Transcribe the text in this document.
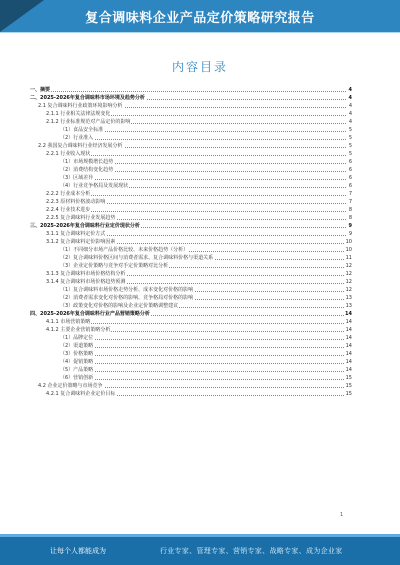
复合调味料企业产品定价策略研究报告
内容目录
一、摘要	4
二、2025-2026年复合调味料市场环境及趋势分析	4
2.1 复合调味料行业政策环境影响分析	4
2.1.1 行业相关法律法规变化	4
2.1.2 行业标准规范对产品定价的影响	4
（1）食品安全标准	5
（2）行业准入	5
2.2 我国复合调味料行业经济发展分析	5
2.2.1 行业收入现状	5
（1）市场规模增长趋势	6
（2）消费结构变化趋势	6
（3）区域差异	6
（4）行业竞争格局及发展现状	6
2.2.2 行业成本分析	7
2.2.3 原材料价格波动影响	7
2.2.4 行业技术进步	8
2.2.5 复合调味料行业发展趋势	8
三、2025-2026年复合调味料行业定价现状分析	9
3.1.1 复合调味料定价方式	9
3.1.2 复合调味料定价影响因素	10
（1）不同细分市场产品价格比较、未来价格趋势（分析）	10
（2）复合调味料价格区间与消费者需求、复合调味料价格与渠道关系	11
（3）企业定价策略与竞争对手定价策略对比分析	12
3.1.3 复合调味料市场价格结构分析	12
3.1.4 复合调味料市场价格趋势预测	12
（1）复合调味料市场价格走势分析、成本变化对价格的影响	12
（2）消费者需求变化对价格的影响、竞争格局对价格的影响	13
（3）政策变化对价格的影响及企业定价策略调整建议	13
四、2025-2026年复合调味料行业产品营销策略分析	14
4.1.1 市场营销策略	14
4.1.2 主要企业营销策略分析	14
（1）品牌定位	14
（2）渠道策略	14
（3）价格策略	14
（4）促销策略	14
（5）产品策略	14
（6）营销创新	15
4.2 企业定价策略与市场竞争	15
4.2.1 复合调味料企业定价目标	15
1
让每个人都能成为	行业专家、管理专家、营销专家、战略专家、成为企业家
